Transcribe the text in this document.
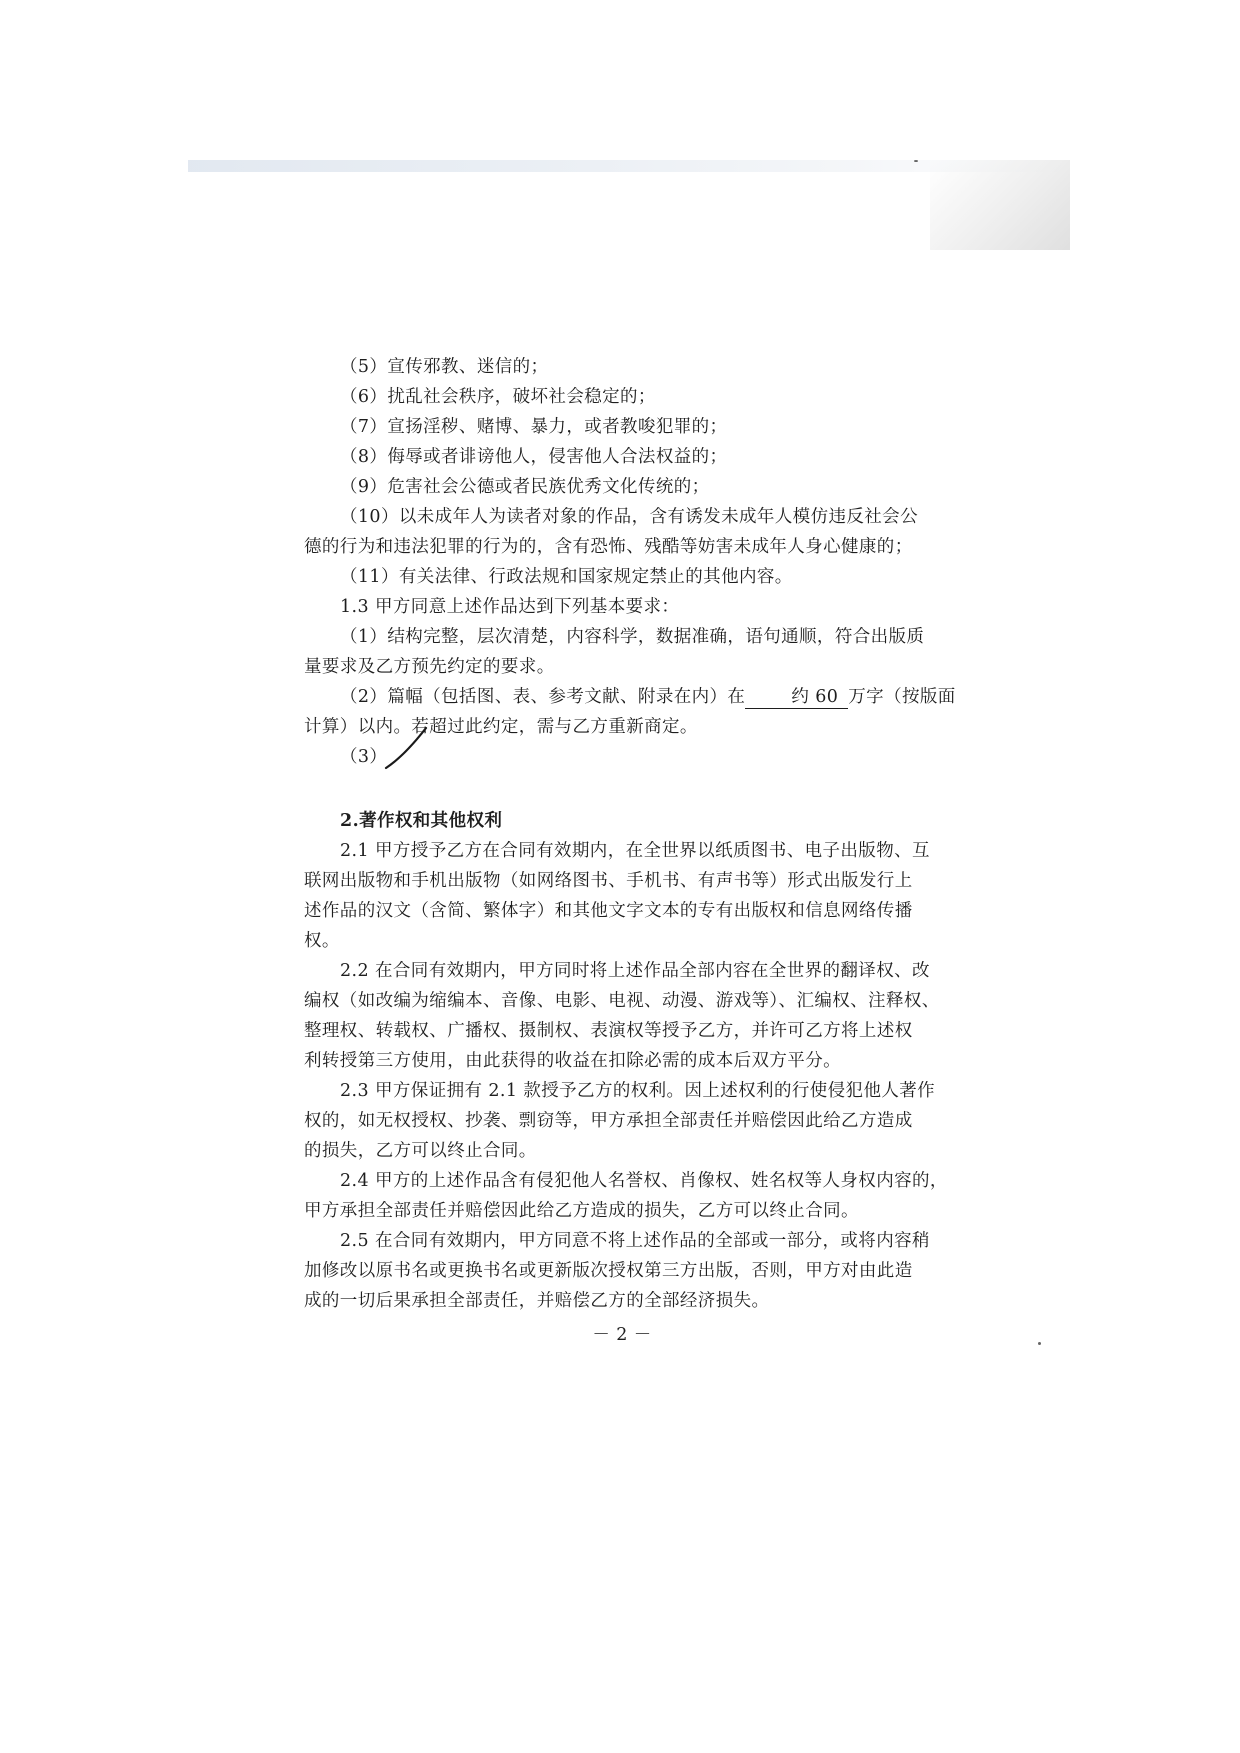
（5）宣传邪教、迷信的；
（6）扰乱社会秩序，破坏社会稳定的；
（7）宣扬淫秽、赌博、暴力，或者教唆犯罪的；
（8）侮辱或者诽谤他人，侵害他人合法权益的；
（9）危害社会公德或者民族优秀文化传统的；
（10）以未成年人为读者对象的作品，含有诱发未成年人模仿违反社会公
德的行为和违法犯罪的行为的，含有恐怖、残酷等妨害未成年人身心健康的；
（11）有关法律、行政法规和国家规定禁止的其他内容。
1.3 甲方同意上述作品达到下列基本要求：
（1）结构完整，层次清楚，内容科学，数据准确，语句通顺，符合出版质
量要求及乙方预先约定的要求。
（2）篇幅（包括图、表、参考文献、附录在内）在	约 60 万字（按版面
计算）以内。若超过此约定，需与乙方重新商定。
（3）
2.著作权和其他权利
2.1 甲方授予乙方在合同有效期内，在全世界以纸质图书、电子出版物、互
联网出版物和手机出版物（如网络图书、手机书、有声书等）形式出版发行上
述作品的汉文（含简、繁体字）和其他文字文本的专有出版权和信息网络传播
权。
2.2 在合同有效期内，甲方同时将上述作品全部内容在全世界的翻译权、改
编权（如改编为缩编本、音像、电影、电视、动漫、游戏等）、汇编权、注释权、
整理权、转载权、广播权、摄制权、表演权等授予乙方，并许可乙方将上述权
利转授第三方使用，由此获得的收益在扣除必需的成本后双方平分。
2.3 甲方保证拥有 2.1 款授予乙方的权利。因上述权利的行使侵犯他人著作
权的，如无权授权、抄袭、剽窃等，甲方承担全部责任并赔偿因此给乙方造成
的损失，乙方可以终止合同。
2.4 甲方的上述作品含有侵犯他人名誉权、肖像权、姓名权等人身权内容的，
甲方承担全部责任并赔偿因此给乙方造成的损失，乙方可以终止合同。
2.5 在合同有效期内，甲方同意不将上述作品的全部或一部分，或将内容稍
加修改以原书名或更换书名或更新版次授权第三方出版，否则，甲方对由此造
成的一切后果承担全部责任，并赔偿乙方的全部经济损失。
－ 2 －
